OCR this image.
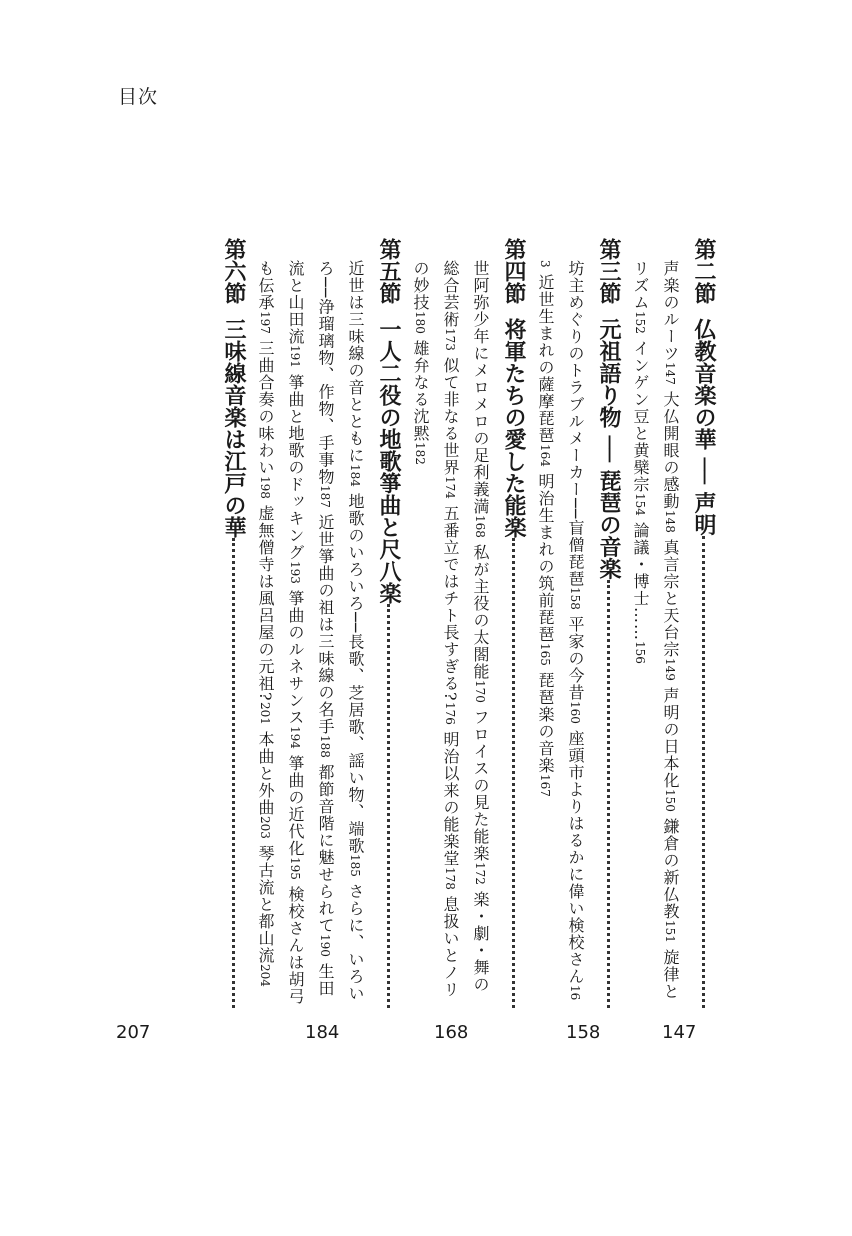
目次
第二節
仏教音楽の華 ── 声明
声楽のルーツ147 大仏開眼の感動148 真言宗と天台宗149 声明の日本化150 鎌倉の新仏教151 旋律とリズム152 インゲン豆と黄檗宗154 論議・博士……156
第三節
元祖語り物 ── 琵琶の音楽
坊主めぐりのトラブルメーカー──盲僧琵琶158 平家の今昔160 座頭市よりはるかに偉い検校さん163 近世生まれの薩摩琵琶164 明治生まれの筑前琵琶165 琵琶楽の音楽167
第四節
将軍たちの愛した能楽
世阿弥少年にメロメロの足利義満168 私が主役の太閤能170 フロイスの見た能楽172 楽・劇・舞の総合芸術173 似て非なる世界174 五番立ではチト長すぎる?176 明治以来の能楽堂178 息扱いとノリの妙技180 雄弁なる沈黙182
第五節
一人二役の地歌箏曲と尺八楽
近世は三味線の音とともに184 地歌のいろいろ──長歌、芝居歌、謡い物、端歌185 さらに、いろいろ──浄瑠璃物、作物、手事物187 近世箏曲の祖は三味線の名手188 都節音階に魅せられて190 生田流と山田流191 箏曲と地歌のドッキング193 箏曲のルネサンス194 箏曲の近代化195 検校さんは胡弓も伝承197 三曲合奏の味わい198 虚無僧寺は風呂屋の元祖?201 本曲と外曲203 琴古流と都山流204
第六節
三味線音楽は江戸の華
147
158
168
184
207
